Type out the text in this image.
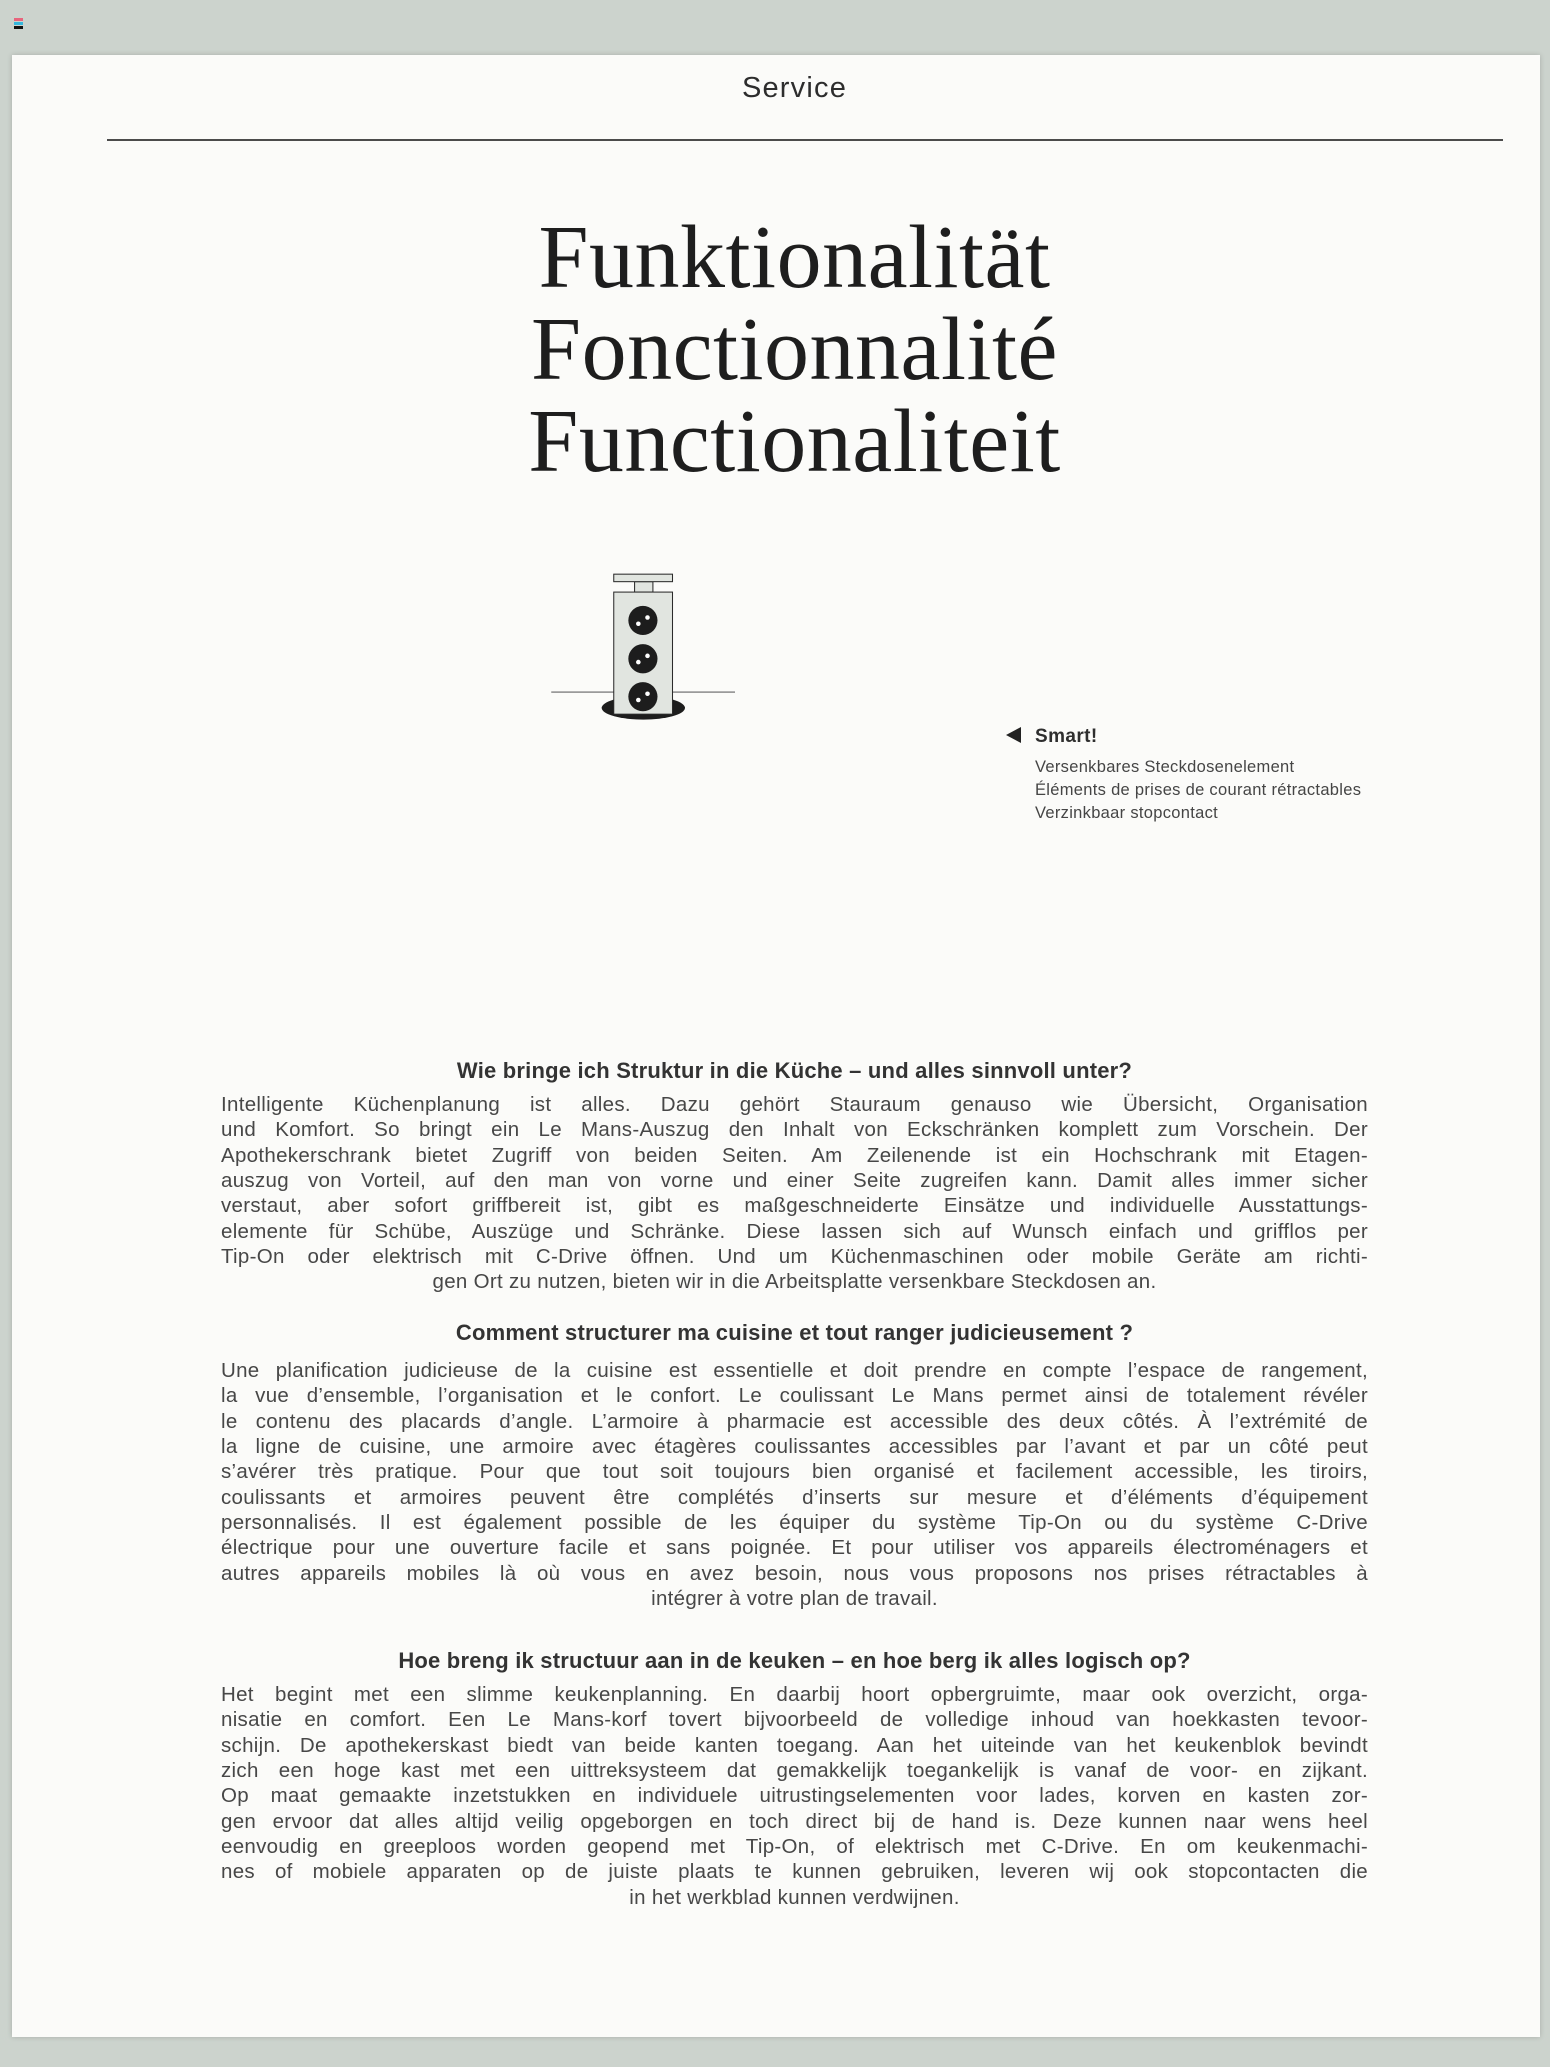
Service
Funktionalität
Fonctionnalité
Functionaliteit
Smart!
Versenkbares Steckdosenelement
Éléments de prises de courant rétractables
Verzinkbaar stopcontact
Wie bringe ich Struktur in die Küche – und alles sinnvoll unter?
Intelligente Küchenplanung ist alles. Dazu gehört Stauraum genauso wie Übersicht, Organisation
und Komfort. So bringt ein Le Mans-Auszug den Inhalt von Eckschränken komplett zum Vorschein. Der
Apothekerschrank bietet Zugriff von beiden Seiten. Am Zeilenende ist ein Hochschrank mit Etagen-
auszug von Vorteil, auf den man von vorne und einer Seite zugreifen kann. Damit alles immer sicher
verstaut, aber sofort griffbereit ist, gibt es maßgeschneiderte Einsätze und individuelle Ausstattungs-
elemente für Schübe, Auszüge und Schränke. Diese lassen sich auf Wunsch einfach und grifflos per
Tip-On oder elektrisch mit C-Drive öffnen. Und um Küchenmaschinen oder mobile Geräte am richti-
gen Ort zu nutzen, bieten wir in die Arbeitsplatte versenkbare Steckdosen an.
Comment structurer ma cuisine et tout ranger judicieusement ?
Une planification judicieuse de la cuisine est essentielle et doit prendre en compte l’espace de rangement,
la vue d’ensemble, l’organisation et le confort. Le coulissant Le Mans permet ainsi de totalement révéler
le contenu des placards d’angle. L’armoire à pharmacie est accessible des deux côtés. À l’extrémité de
la ligne de cuisine, une armoire avec étagères coulissantes accessibles par l’avant et par un côté peut
s’avérer très pratique. Pour que tout soit toujours bien organisé et facilement accessible, les tiroirs,
coulissants et armoires peuvent être complétés d’inserts sur mesure et d’éléments d’équipement
personnalisés. Il est également possible de les équiper du système Tip-On ou du système C-Drive
électrique pour une ouverture facile et sans poignée. Et pour utiliser vos appareils électroménagers et
autres appareils mobiles là où vous en avez besoin, nous vous proposons nos prises rétractables à
intégrer à votre plan de travail.
Hoe breng ik structuur aan in de keuken – en hoe berg ik alles logisch op?
Het begint met een slimme keukenplanning. En daarbij hoort opbergruimte, maar ook overzicht, orga-
nisatie en comfort. Een Le Mans-korf tovert bijvoorbeeld de volledige inhoud van hoekkasten tevoor-
schijn. De apothekerskast biedt van beide kanten toegang. Aan het uiteinde van het keukenblok bevindt
zich een hoge kast met een uittreksysteem dat gemakkelijk toegankelijk is vanaf de voor- en zijkant.
Op maat gemaakte inzetstukken en individuele uitrustingselementen voor lades, korven en kasten zor-
gen ervoor dat alles altijd veilig opgeborgen en toch direct bij de hand is. Deze kunnen naar wens heel
eenvoudig en greeploos worden geopend met Tip-On, of elektrisch met C-Drive. En om keukenmachi-
nes of mobiele apparaten op de juiste plaats te kunnen gebruiken, leveren wij ook stopcontacten die
in het werkblad kunnen verdwijnen.
